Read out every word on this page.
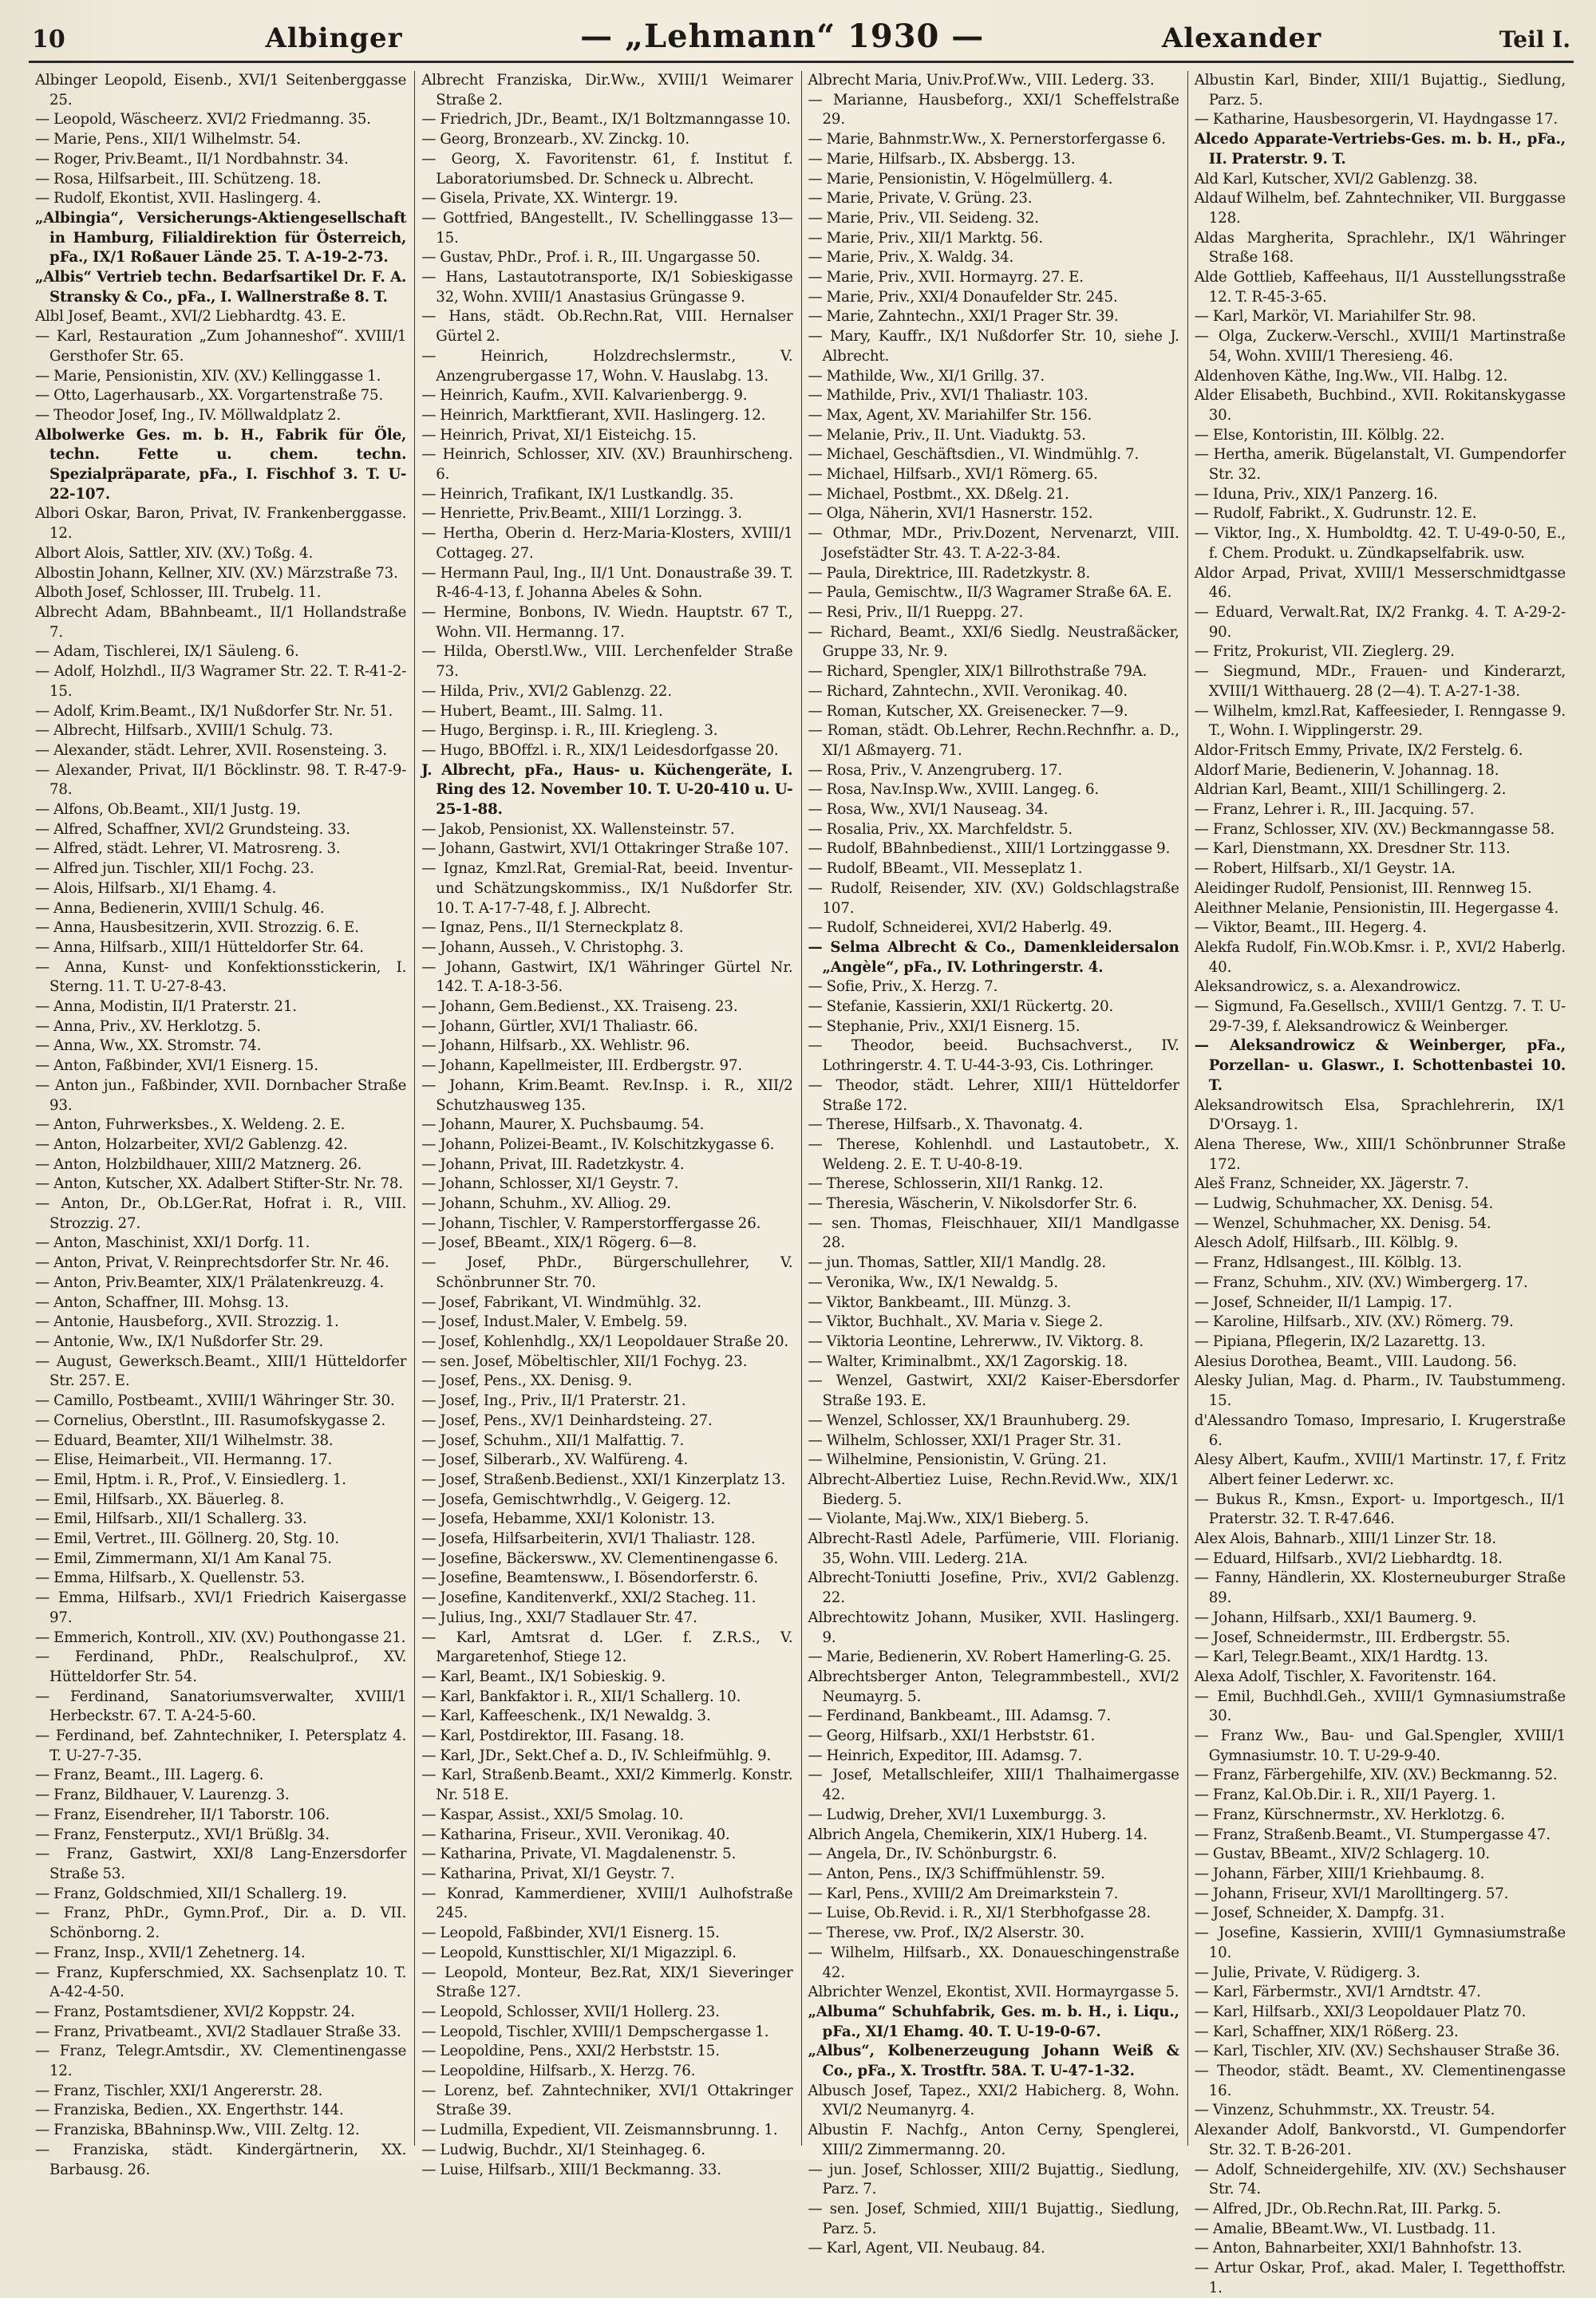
10	Albinger	— „Lehmann“ 1930 —	Alexander	Teil I.
Albinger Leopold, Eisenb., XVI/1 Seitenberggasse 25.
— Leopold, Wäscheerz. XVI/2 Friedmanng. 35.
— Marie, Pens., XII/1 Wilhelmstr. 54.
— Roger, Priv.Beamt., II/1 Nordbahnstr. 34.
— Rosa, Hilfsarbeit., III. Schützeng. 18.
— Rudolf, Ekontist, XVII. Haslingerg. 4.
„Albingia“, Versicherungs-Aktiengesellschaft in Hamburg, Filialdirektion für Österreich, pFa., IX/1 Roßauer Lände 25. T. A-19-2-73.
„Albis“ Vertrieb techn. Bedarfsartikel Dr. F. A. Stransky & Co., pFa., I. Wallnerstraße 8. T.
Albl Josef, Beamt., XVI/2 Liebhardtg. 43. E.
— Karl, Restauration „Zum Johanneshof“. XVIII/1 Gersthofer Str. 65.
— Marie, Pensionistin, XIV. (XV.) Kellinggasse 1.
— Otto, Lagerhausarb., XX. Vorgartenstraße 75.
— Theodor Josef, Ing., IV. Möllwaldplatz 2.
Albolwerke Ges. m. b. H., Fabrik für Öle, techn. Fette u. chem. techn. Spezialpräparate, pFa., I. Fischhof 3. T. U-22-107.
Albori Oskar, Baron, Privat, IV. Frankenberggasse. 12.
Albort Alois, Sattler, XIV. (XV.) Toßg. 4.
Albostin Johann, Kellner, XIV. (XV.) Märzstraße 73.
Alboth Josef, Schlosser, III. Trubelg. 11.
Albrecht Adam, BBahnbeamt., II/1 Hollandstraße 7.
— Adam, Tischlerei, IX/1 Säuleng. 6.
— Adolf, Holzhdl., II/3 Wagramer Str. 22. T. R-41-2-15.
— Adolf, Krim.Beamt., IX/1 Nußdorfer Str. Nr. 51.
— Albrecht, Hilfsarb., XVIII/1 Schulg. 73.
— Alexander, städt. Lehrer, XVII. Rosensteing. 3.
— Alexander, Privat, II/1 Böcklinstr. 98. T. R-47-9-78.
— Alfons, Ob.Beamt., XII/1 Justg. 19.
— Alfred, Schaffner, XVI/2 Grundsteing. 33.
— Alfred, städt. Lehrer, VI. Matrosreng. 3.
— Alfred jun. Tischler, XII/1 Fochg. 23.
— Alois, Hilfsarb., XI/1 Ehamg. 4.
— Anna, Bedienerin, XVIII/1 Schulg. 46.
— Anna, Hausbesitzerin, XVII. Strozzig. 6. E.
— Anna, Hilfsarb., XIII/1 Hütteldorfer Str. 64.
— Anna, Kunst- und Konfektionsstickerin, I. Sterng. 11. T. U-27-8-43.
— Anna, Modistin, II/1 Praterstr. 21.
— Anna, Priv., XV. Herklotzg. 5.
— Anna, Ww., XX. Stromstr. 74.
— Anton, Faßbinder, XVI/1 Eisnerg. 15.
— Anton jun., Faßbinder, XVII. Dornbacher Straße 93.
— Anton, Fuhrwerksbes., X. Weldeng. 2. E.
— Anton, Holzarbeiter, XVI/2 Gablenzg. 42.
— Anton, Holzbildhauer, XIII/2 Matznerg. 26.
— Anton, Kutscher, XX. Adalbert Stifter-Str. Nr. 78.
— Anton, Dr., Ob.LGer.Rat, Hofrat i. R., VIII. Strozzig. 27.
— Anton, Maschinist, XXI/1 Dorfg. 11.
— Anton, Privat, V. Reinprechtsdorfer Str. Nr. 46.
— Anton, Priv.Beamter, XIX/1 Prälatenkreuzg. 4.
— Anton, Schaffner, III. Mohsg. 13.
— Antonie, Hausbeforg., XVII. Strozzig. 1.
— Antonie, Ww., IX/1 Nußdorfer Str. 29.
— August, Gewerksch.Beamt., XIII/1 Hütteldorfer Str. 257. E.
— Camillo, Postbeamt., XVIII/1 Währinger Str. 30.
— Cornelius, Oberstlnt., III. Rasumofskygasse 2.
— Eduard, Beamter, XII/1 Wilhelmstr. 38.
— Elise, Heimarbeit., VII. Hermanng. 17.
— Emil, Hptm. i. R., Prof., V. Einsiedlerg. 1.
— Emil, Hilfsarb., XX. Bäuerleg. 8.
— Emil, Hilfsarb., XII/1 Schallerg. 33.
— Emil, Vertret., III. Göllnerg. 20, Stg. 10.
— Emil, Zimmermann, XI/1 Am Kanal 75.
— Emma, Hilfsarb., X. Quellenstr. 53.
— Emma, Hilfsarb., XVI/1 Friedrich Kaisergasse 97.
— Emmerich, Kontroll., XIV. (XV.) Pouthongasse 21.
— Ferdinand, PhDr., Realschulprof., XV. Hütteldorfer Str. 54.
— Ferdinand, Sanatoriumsverwalter, XVIII/1 Herbeckstr. 67. T. A-24-5-60.
— Ferdinand, bef. Zahntechniker, I. Petersplatz 4. T. U-27-7-35.
— Franz, Beamt., III. Lagerg. 6.
— Franz, Bildhauer, V. Laurenzg. 3.
— Franz, Eisendreher, II/1 Taborstr. 106.
— Franz, Fensterputz., XVI/1 Brüßlg. 34.
— Franz, Gastwirt, XXI/8 Lang-Enzersdorfer Straße 53.
— Franz, Goldschmied, XII/1 Schallerg. 19.
— Franz, PhDr., Gymn.Prof., Dir. a. D. VII. Schönborng. 2.
— Franz, Insp., XVII/1 Zehetnerg. 14.
— Franz, Kupferschmied, XX. Sachsenplatz 10. T. A-42-4-50.
— Franz, Postamtsdiener, XVI/2 Koppstr. 24.
— Franz, Privatbeamt., XVI/2 Stadlauer Straße 33.
— Franz, Telegr.Amtsdir., XV. Clementinengasse 12.
— Franz, Tischler, XXI/1 Angererstr. 28.
— Franziska, Bedien., XX. Engerthstr. 144.
— Franziska, BBahninsp.Ww., VIII. Zeltg. 12.
— Franziska, städt. Kindergärtnerin, XX. Barbausg. 26.
Albrecht Franziska, Dir.Ww., XVIII/1 Weimarer Straße 2.
— Friedrich, JDr., Beamt., IX/1 Boltzmanngasse 10.
— Georg, Bronzearb., XV. Zinckg. 10.
— Georg, X. Favoritenstr. 61, f. Institut f. Laboratoriumsbed. Dr. Schneck u. Albrecht.
— Gisela, Private, XX. Wintergr. 19.
— Gottfried, BAngestellt., IV. Schellinggasse 13—15.
— Gustav, PhDr., Prof. i. R., III. Ungargasse 50.
— Hans, Lastautotransporte, IX/1 Sobieskigasse 32, Wohn. XVIII/1 Anastasius Grüngasse 9.
— Hans, städt. Ob.Rechn.Rat, VIII. Hernalser Gürtel 2.
— Heinrich, Holzdrechslermstr., V. Anzengrubergasse 17, Wohn. V. Hauslabg. 13.
— Heinrich, Kaufm., XVII. Kalvarienbergg. 9.
— Heinrich, Marktfierant, XVII. Haslingerg. 12.
— Heinrich, Privat, XI/1 Eisteichg. 15.
— Heinrich, Schlosser, XIV. (XV.) Braunhirscheng. 6.
— Heinrich, Trafikant, IX/1 Lustkandlg. 35.
— Henriette, Priv.Beamt., XIII/1 Lorzingg. 3.
— Hertha, Oberin d. Herz-Maria-Klosters, XVIII/1 Cottageg. 27.
— Hermann Paul, Ing., II/1 Unt. Donaustraße 39. T. R-46-4-13, f. Johanna Abeles & Sohn.
— Hermine, Bonbons, IV. Wiedn. Hauptstr. 67 T., Wohn. VII. Hermanng. 17.
— Hilda, Oberstl.Ww., VIII. Lerchenfelder Straße 73.
— Hilda, Priv., XVI/2 Gablenzg. 22.
— Hubert, Beamt., III. Salmg. 11.
— Hugo, Berginsp. i. R., III. Kriegleng. 3.
— Hugo, BBOffzl. i. R., XIX/1 Leidesdorfgasse 20.
J. Albrecht, pFa., Haus- u. Küchengeräte, I. Ring des 12. November 10. T. U-20-410 u. U-25-1-88.
— Jakob, Pensionist, XX. Wallensteinstr. 57.
— Johann, Gastwirt, XVI/1 Ottakringer Straße 107.
— Ignaz, Kmzl.Rat, Gremial-Rat, beeid. Inventur- und Schätzungskommiss., IX/1 Nußdorfer Str. 10. T. A-17-7-48, f. J. Albrecht.
— Ignaz, Pens., II/1 Sterneckplatz 8.
— Johann, Ausseh., V. Christophg. 3.
— Johann, Gastwirt, IX/1 Währinger Gürtel Nr. 142. T. A-18-3-56.
— Johann, Gem.Bedienst., XX. Traiseng. 23.
— Johann, Gürtler, XVI/1 Thaliastr. 66.
— Johann, Hilfsarb., XX. Wehlistr. 96.
— Johann, Kapellmeister, III. Erdbergstr. 97.
— Johann, Krim.Beamt. Rev.Insp. i. R., XII/2 Schutzhausweg 135.
— Johann, Maurer, X. Puchsbaumg. 54.
— Johann, Polizei-Beamt., IV. Kolschitzkygasse 6.
— Johann, Privat, III. Radetzkystr. 4.
— Johann, Schlosser, XI/1 Geystr. 7.
— Johann, Schuhm., XV. Alliog. 29.
— Johann, Tischler, V. Ramperstorffergasse 26.
— Josef, BBeamt., XIX/1 Rögerg. 6—8.
— Josef, PhDr., Bürgerschullehrer, V. Schönbrunner Str. 70.
— Josef, Fabrikant, VI. Windmühlg. 32.
— Josef, Indust.Maler, V. Embelg. 59.
— Josef, Kohlenhdlg., XX/1 Leopoldauer Straße 20.
— sen. Josef, Möbeltischler, XII/1 Fochyg. 23.
— Josef, Pens., XX. Denisg. 9.
— Josef, Ing., Priv., II/1 Praterstr. 21.
— Josef, Pens., XV/1 Deinhardsteing. 27.
— Josef, Schuhm., XII/1 Malfattig. 7.
— Josef, Silberarb., XV. Walfüreng. 4.
— Josef, Straßenb.Bedienst., XXI/1 Kinzerplatz 13.
— Josefa, Gemischtwrhdlg., V. Geigerg. 12.
— Josefa, Hebamme, XXI/1 Kolonistr. 13.
— Josefa, Hilfsarbeiterin, XVI/1 Thaliastr. 128.
— Josefine, Bäckersww., XV. Clementinengasse 6.
— Josefine, Beamtensww., I. Bösendorferstr. 6.
— Josefine, Kanditenverkf., XXI/2 Stacheg. 11.
— Julius, Ing., XXI/7 Stadlauer Str. 47.
— Karl, Amtsrat d. LGer. f. Z.R.S., V. Margaretenhof, Stiege 12.
— Karl, Beamt., IX/1 Sobieskig. 9.
— Karl, Bankfaktor i. R., XII/1 Schallerg. 10.
— Karl, Kaffeeschenk., IX/1 Newaldg. 3.
— Karl, Postdirektor, III. Fasang. 18.
— Karl, JDr., Sekt.Chef a. D., IV. Schleifmühlg. 9.
— Karl, Straßenb.Beamt., XXI/2 Kimmerlg. Konstr. Nr. 518 E.
— Kaspar, Assist., XXI/5 Smolag. 10.
— Katharina, Friseur., XVII. Veronikag. 40.
— Katharina, Private, VI. Magdalenenstr. 5.
— Katharina, Privat, XI/1 Geystr. 7.
— Konrad, Kammerdiener, XVIII/1 Aulhofstraße 245.
— Leopold, Faßbinder, XVI/1 Eisnerg. 15.
— Leopold, Kunsttischler, XI/1 Migazzipl. 6.
— Leopold, Monteur, Bez.Rat, XIX/1 Sieveringer Straße 127.
— Leopold, Schlosser, XVII/1 Hollerg. 23.
— Leopold, Tischler, XVIII/1 Dempschergasse 1.
— Leopoldine, Pens., XXI/2 Herbststr. 15.
— Leopoldine, Hilfsarb., X. Herzg. 76.
— Lorenz, bef. Zahntechniker, XVI/1 Ottakringer Straße 39.
— Ludmilla, Expedient, VII. Zeismannsbrunng. 1.
— Ludwig, Buchdr., XI/1 Steinhageg. 6.
— Luise, Hilfsarb., XIII/1 Beckmanng. 33.
Albrecht Maria, Univ.Prof.Ww., VIII. Lederg. 33.
— Marianne, Hausbeforg., XXI/1 Scheffelstraße 29.
— Marie, Bahnmstr.Ww., X. Pernerstorfergasse 6.
— Marie, Hilfsarb., IX. Absbergg. 13.
— Marie, Pensionistin, V. Högelmüllerg. 4.
— Marie, Private, V. Grüng. 23.
— Marie, Priv., VII. Seideng. 32.
— Marie, Priv., XII/1 Marktg. 56.
— Marie, Priv., X. Waldg. 34.
— Marie, Priv., XVII. Hormayrg. 27. E.
— Marie, Priv., XXI/4 Donaufelder Str. 245.
— Marie, Zahntechn., XXI/1 Prager Str. 39.
— Mary, Kauffr., IX/1 Nußdorfer Str. 10, siehe J. Albrecht.
— Mathilde, Ww., XI/1 Grillg. 37.
— Mathilde, Priv., XVI/1 Thaliastr. 103.
— Max, Agent, XV. Mariahilfer Str. 156.
— Melanie, Priv., II. Unt. Viaduktg. 53.
— Michael, Geschäftsdien., VI. Windmühlg. 7.
— Michael, Hilfsarb., XVI/1 Römerg. 65.
— Michael, Postbmt., XX. Dßelg. 21.
— Olga, Näherin, XVI/1 Hasnerstr. 152.
— Othmar, MDr., Priv.Dozent, Nervenarzt, VIII. Josefstädter Str. 43. T. A-22-3-84.
— Paula, Direktrice, III. Radetzkystr. 8.
— Paula, Gemischtw., II/3 Wagramer Straße 6A. E.
— Resi, Priv., II/1 Rueppg. 27.
— Richard, Beamt., XXI/6 Siedlg. Neustraßäcker, Gruppe 33, Nr. 9.
— Richard, Spengler, XIX/1 Billrothstraße 79A.
— Richard, Zahntechn., XVII. Veronikag. 40.
— Roman, Kutscher, XX. Greisenecker. 7—9.
— Roman, städt. Ob.Lehrer, Rechn.Rechnfhr. a. D., XI/1 Aßmayerg. 71.
— Rosa, Priv., V. Anzengruberg. 17.
— Rosa, Nav.Insp.Ww., XVIII. Langeg. 6.
— Rosa, Ww., XVI/1 Nauseag. 34.
— Rosalia, Priv., XX. Marchfeldstr. 5.
— Rudolf, BBahnbedienst., XIII/1 Lortzinggasse 9.
— Rudolf, BBeamt., VII. Messeplatz 1.
— Rudolf, Reisender, XIV. (XV.) Goldschlagstraße 107.
— Rudolf, Schneiderei, XVI/2 Haberlg. 49.
— Selma Albrecht & Co., Damenkleidersalon „Angèle“, pFa., IV. Lothringerstr. 4.
— Sofie, Priv., X. Herzg. 7.
— Stefanie, Kassierin, XXI/1 Rückertg. 20.
— Stephanie, Priv., XXI/1 Eisnerg. 15.
— Theodor, beeid. Buchsachverst., IV. Lothringerstr. 4. T. U-44-3-93, Cis. Lothringer.
— Theodor, städt. Lehrer, XIII/1 Hütteldorfer Straße 172.
— Therese, Hilfsarb., X. Thavonatg. 4.
— Therese, Kohlenhdl. und Lastautobetr., X. Weldeng. 2. E. T. U-40-8-19.
— Therese, Schlosserin, XII/1 Rankg. 12.
— Theresia, Wäscherin, V. Nikolsdorfer Str. 6.
— sen. Thomas, Fleischhauer, XII/1 Mandlgasse 28.
— jun. Thomas, Sattler, XII/1 Mandlg. 28.
— Veronika, Ww., IX/1 Newaldg. 5.
— Viktor, Bankbeamt., III. Münzg. 3.
— Viktor, Buchhalt., XV. Maria v. Siege 2.
— Viktoria Leontine, Lehrerww., IV. Viktorg. 8.
— Walter, Kriminalbmt., XX/1 Zagorskig. 18.
— Wenzel, Gastwirt, XXI/2 Kaiser-Ebersdorfer Straße 193. E.
— Wenzel, Schlosser, XX/1 Braunhuberg. 29.
— Wilhelm, Schlosser, XXI/1 Prager Str. 31.
— Wilhelmine, Pensionistin, V. Grüng. 21.
Albrecht-Albertiez Luise, Rechn.Revid.Ww., XIX/1 Biederg. 5.
— Violante, Maj.Ww., XIX/1 Bieberg. 5.
Albrecht-Rastl Adele, Parfümerie, VIII. Florianig. 35, Wohn. VIII. Lederg. 21A.
Albrecht-Toniutti Josefine, Priv., XVI/2 Gablenzg. 22.
Albrechtowitz Johann, Musiker, XVII. Haslingerg. 9.
— Marie, Bedienerin, XV. Robert Hamerling-G. 25.
Albrechtsberger Anton, Telegrammbestell., XVI/2 Neumayrg. 5.
— Ferdinand, Bankbeamt., III. Adamsg. 7.
— Georg, Hilfsarb., XXI/1 Herbststr. 61.
— Heinrich, Expeditor, III. Adamsg. 7.
— Josef, Metallschleifer, XIII/1 Thalhaimergasse 42.
— Ludwig, Dreher, XVI/1 Luxemburgg. 3.
Albrich Angela, Chemikerin, XIX/1 Huberg. 14.
— Angela, Dr., IV. Schönburgstr. 6.
— Anton, Pens., IX/3 Schiffmühlenstr. 59.
— Karl, Pens., XVIII/2 Am Dreimarkstein 7.
— Luise, Ob.Revid. i. R., XI/1 Sterbhofgasse 28.
— Therese, vw. Prof., IX/2 Alserstr. 30.
— Wilhelm, Hilfsarb., XX. Donaueschingenstraße 42.
Albrichter Wenzel, Ekontist, XVII. Hormayrgasse 5.
„Albuma“ Schuhfabrik, Ges. m. b. H., i. Liqu., pFa., XI/1 Ehamg. 40. T. U-19-0-67.
„Albus“, Kolbenerzeugung Johann Weiß & Co., pFa., X. Trostftr. 58A. T. U-47-1-32.
Albusch Josef, Tapez., XXI/2 Habicherg. 8, Wohn. XVI/2 Neumanyrg. 4.
Albustin F. Nachfg., Anton Cerny, Spenglerei, XIII/2 Zimmermanng. 20.
— jun. Josef, Schlosser, XIII/2 Bujattig., Siedlung, Parz. 7.
— sen. Josef, Schmied, XIII/1 Bujattig., Siedlung, Parz. 5.
— Karl, Agent, VII. Neubaug. 84.
Albustin Karl, Binder, XIII/1 Bujattig., Siedlung, Parz. 5.
— Katharine, Hausbesorgerin, VI. Haydngasse 17.
Alcedo Apparate-Vertriebs-Ges. m. b. H., pFa., II. Praterstr. 9. T.
Ald Karl, Kutscher, XVI/2 Gablenzg. 38.
Aldauf Wilhelm, bef. Zahntechniker, VII. Burggasse 128.
Aldas Margherita, Sprachlehr., IX/1 Währinger Straße 168.
Alde Gottlieb, Kaffeehaus, II/1 Ausstellungsstraße 12. T. R-45-3-65.
— Karl, Markör, VI. Mariahilfer Str. 98.
— Olga, Zuckerw.-Verschl., XVIII/1 Martinstraße 54, Wohn. XVIII/1 Theresieng. 46.
Aldenhoven Käthe, Ing.Ww., VII. Halbg. 12.
Alder Elisabeth, Buchbind., XVII. Rokitanskygasse 30.
— Else, Kontoristin, III. Kölblg. 22.
— Hertha, amerik. Bügelanstalt, VI. Gumpendorfer Str. 32.
— Iduna, Priv., XIX/1 Panzerg. 16.
— Rudolf, Fabrikt., X. Gudrunstr. 12. E.
— Viktor, Ing., X. Humboldtg. 42. T. U-49-0-50, E., f. Chem. Produkt. u. Zündkapselfabrik. usw.
Aldor Arpad, Privat, XVIII/1 Messerschmidtgasse 46.
— Eduard, Verwalt.Rat, IX/2 Frankg. 4. T. A-29-2-90.
— Fritz, Prokurist, VII. Zieglerg. 29.
— Siegmund, MDr., Frauen- und Kinderarzt, XVIII/1 Witthauerg. 28 (2—4). T. A-27-1-38.
— Wilhelm, kmzl.Rat, Kaffeesieder, I. Renngasse 9. T., Wohn. I. Wipplingerstr. 29.
Aldor-Fritsch Emmy, Private, IX/2 Ferstelg. 6.
Aldorf Marie, Bedienerin, V. Johannag. 18.
Aldrian Karl, Beamt., XIII/1 Schillingerg. 2.
— Franz, Lehrer i. R., III. Jacquing. 57.
— Franz, Schlosser, XIV. (XV.) Beckmanngasse 58.
— Karl, Dienstmann, XX. Dresdner Str. 113.
— Robert, Hilfsarb., XI/1 Geystr. 1A.
Aleidinger Rudolf, Pensionist, III. Rennweg 15.
Aleithner Melanie, Pensionistin, III. Hegergasse 4.
— Viktor, Beamt., III. Hegerg. 4.
Alekfa Rudolf, Fin.W.Ob.Kmsr. i. P., XVI/2 Haberlg. 40.
Aleksandrowicz, s. a. Alexandrowicz.
— Sigmund, Fa.Gesellsch., XVIII/1 Gentzg. 7. T. U-29-7-39, f. Aleksandrowicz & Weinberger.
— Aleksandrowicz & Weinberger, pFa., Porzellan- u. Glaswr., I. Schottenbastei 10. T.
Aleksandrowitsch Elsa, Sprachlehrerin, IX/1 D'Orsayg. 1.
Alena Therese, Ww., XIII/1 Schönbrunner Straße 172.
Aleš Franz, Schneider, XX. Jägerstr. 7.
— Ludwig, Schuhmacher, XX. Denisg. 54.
— Wenzel, Schuhmacher, XX. Denisg. 54.
Alesch Adolf, Hilfsarb., III. Kölblg. 9.
— Franz, Hdlsangest., III. Kölblg. 13.
— Franz, Schuhm., XIV. (XV.) Wimbergerg. 17.
— Josef, Schneider, II/1 Lampig. 17.
— Karoline, Hilfsarb., XIV. (XV.) Römerg. 79.
— Pipiana, Pflegerin, IX/2 Lazarettg. 13.
Alesius Dorothea, Beamt., VIII. Laudong. 56.
Alesky Julian, Mag. d. Pharm., IV. Taubstummeng. 15.
d'Alessandro Tomaso, Impresario, I. Krugerstraße 6.
Alesy Albert, Kaufm., XVIII/1 Martinstr. 17, f. Fritz Albert feiner Lederwr. xc.
— Bukus R., Kmsn., Export- u. Importgesch., II/1 Praterstr. 32. T. R-47.646.
Alex Alois, Bahnarb., XIII/1 Linzer Str. 18.
— Eduard, Hilfsarb., XVI/2 Liebhardtg. 18.
— Fanny, Händlerin, XX. Klosterneuburger Straße 89.
— Johann, Hilfsarb., XXI/1 Baumerg. 9.
— Josef, Schneidermstr., III. Erdbergstr. 55.
— Karl, Telegr.Beamt., XIX/1 Hardtg. 13.
Alexa Adolf, Tischler, X. Favoritenstr. 164.
— Emil, Buchhdl.Geh., XVIII/1 Gymnasiumstraße 30.
— Franz Ww., Bau- und Gal.Spengler, XVIII/1 Gymnasiumstr. 10. T. U-29-9-40.
— Franz, Färbergehilfe, XIV. (XV.) Beckmanng. 52.
— Franz, Kal.Ob.Dir. i. R., XII/1 Payerg. 1.
— Franz, Kürschnermstr., XV. Herklotzg. 6.
— Franz, Straßenb.Beamt., VI. Stumpergasse 47.
— Gustav, BBeamt., XIV/2 Schlagerg. 10.
— Johann, Färber, XIII/1 Kriehbaumg. 8.
— Johann, Friseur, XVI/1 Marolltingerg. 57.
— Josef, Schneider, X. Dampfg. 31.
— Josefine, Kassierin, XVIII/1 Gymnasiumstraße 10.
— Julie, Private, V. Rüdigerg. 3.
— Karl, Färbermstr., XVI/1 Arndtstr. 47.
— Karl, Hilfsarb., XXI/3 Leopoldauer Platz 70.
— Karl, Schaffner, XIX/1 Rößerg. 23.
— Karl, Tischler, XIV. (XV.) Sechshauser Straße 36.
— Theodor, städt. Beamt., XV. Clementinengasse 16.
— Vinzenz, Schuhmmstr., XX. Treustr. 54.
Alexander Adolf, Bankvorstd., VI. Gumpendorfer Str. 32. T. B-26-201.
— Adolf, Schneidergehilfe, XIV. (XV.) Sechshauser Str. 74.
— Alfred, JDr., Ob.Rechn.Rat, III. Parkg. 5.
— Amalie, BBeamt.Ww., VI. Lustbadg. 11.
— Anton, Bahnarbeiter, XXI/1 Bahnhofstr. 13.
— Artur Oskar, Prof., akad. Maler, I. Tegetthoffstr. 1.
